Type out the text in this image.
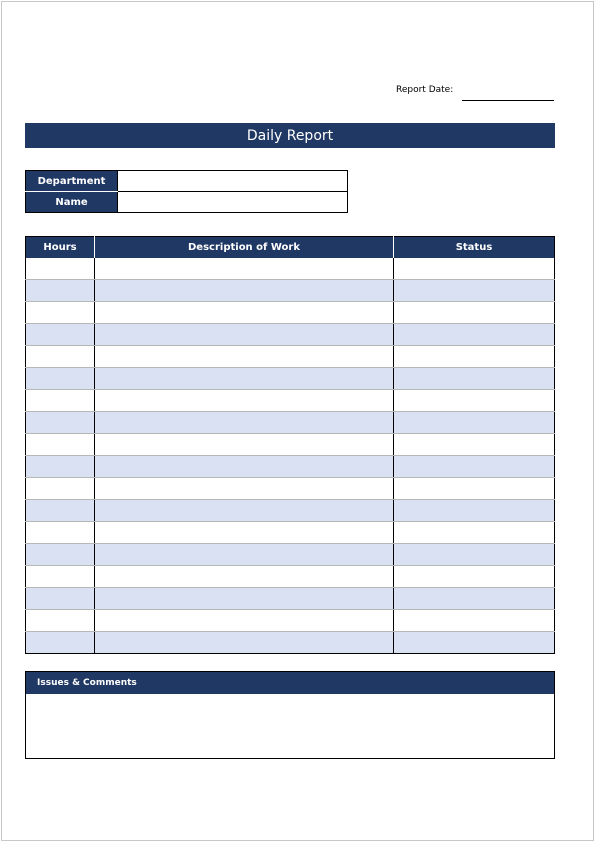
Report Date:
Daily Report
Department	
Name	
Hours	Description of Work	Status

Issues & Comments
